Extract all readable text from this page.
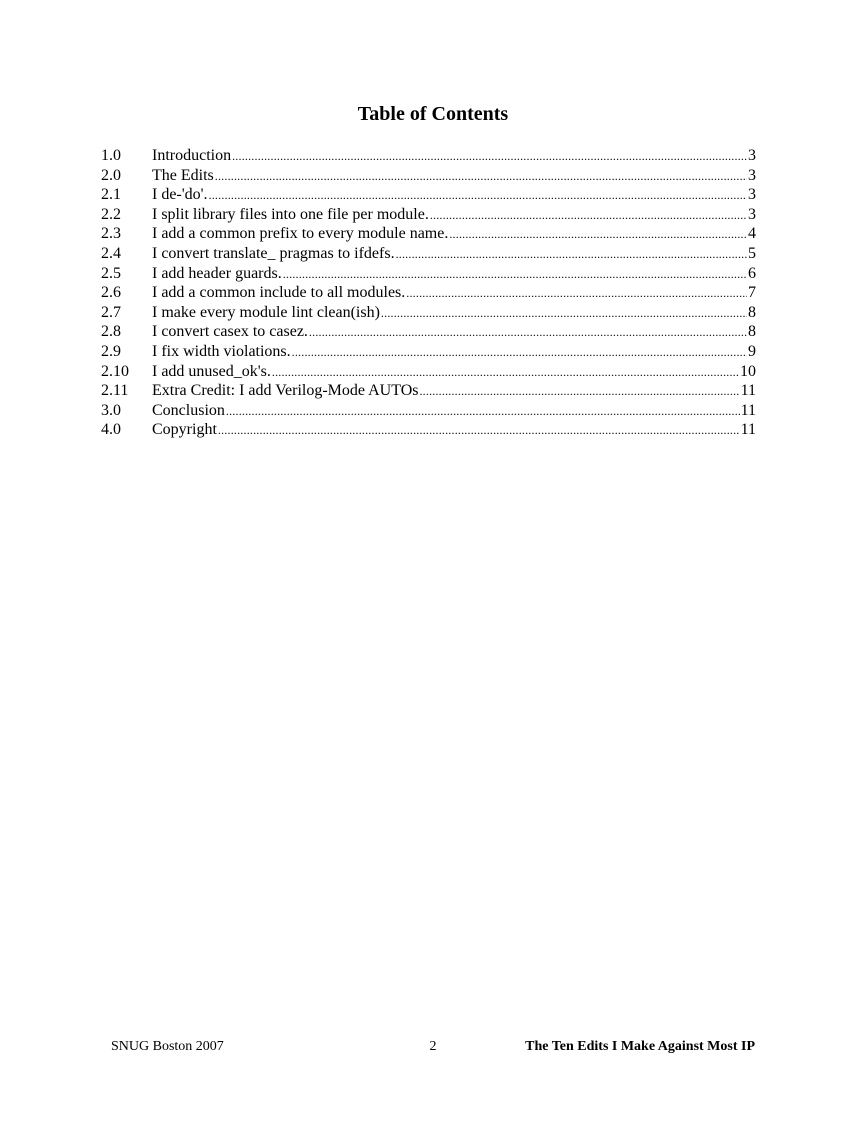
Table of Contents
1.0	Introduction .....	3
2.0	The Edits .....	3
2.1	I de-'do'. .....	3
2.2	I split library files into one file per module. .....	3
2.3	I add a common prefix to every module name. .....	4
2.4	I convert translate_ pragmas to ifdefs. .....	5
2.5	I add header guards. .....	6
2.6	I add a common include to all modules. .....	7
2.7	I make every module lint clean(ish) .....	8
2.8	I convert casex to casez. .....	8
2.9	I fix width violations. .....	9
2.10	I add unused_ok's. .....	10
2.11	Extra Credit: I add Verilog-Mode AUTOs .....	11
3.0	Conclusion .....	11
4.0	Copyright .....	11
SNUG Boston 2007	2	The Ten Edits I Make Against Most IP
